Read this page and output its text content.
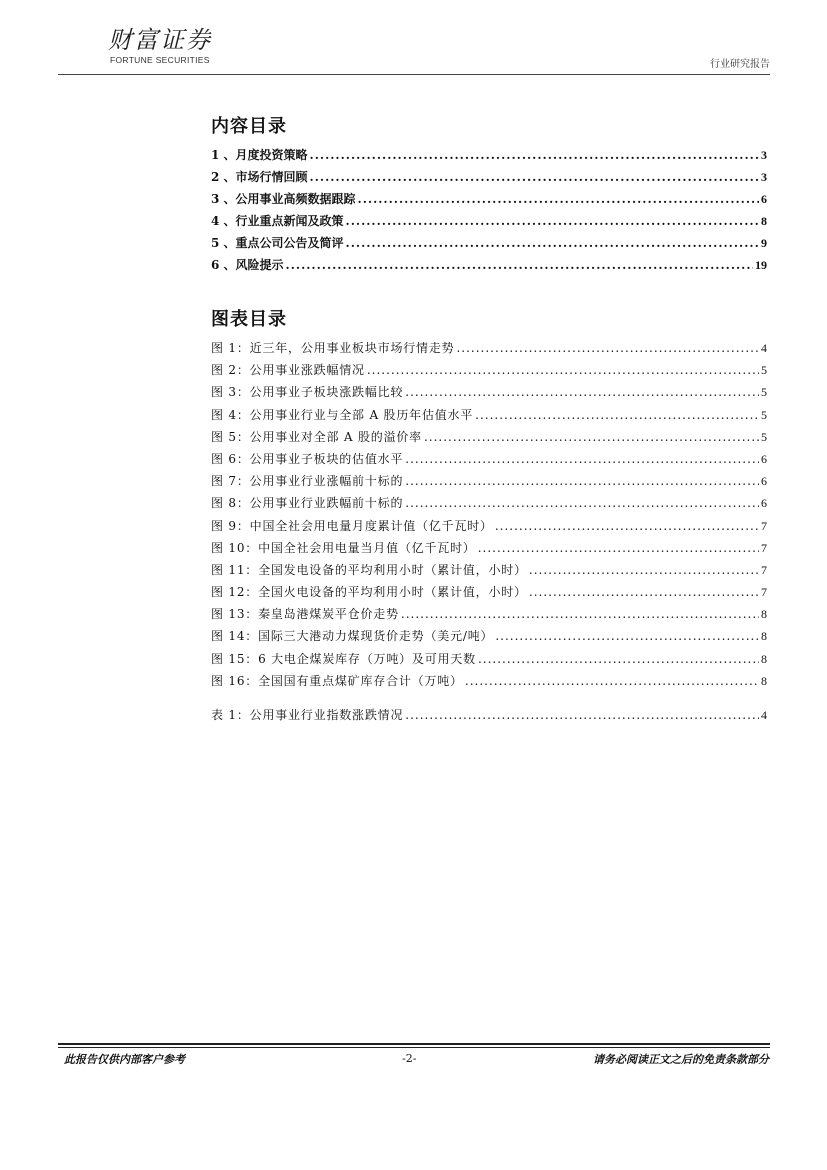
财富证券
FORTUNE SECURITIES	行业研究报告
内容目录
1 、月度投资策略 .....	3
2 、市场行情回顾 .....	3
3 、公用事业高频数据跟踪 .....	6
4 、行业重点新闻及政策 .....	8
5 、重点公司公告及简评 .....	9
6 、风险提示 .....	19
图表目录
图 1：近三年，公用事业板块市场行情走势 .....	4
图 2：公用事业涨跌幅情况 .....	5
图 3：公用事业子板块涨跌幅比较 .....	5
图 4：公用事业行业与全部 A 股历年估值水平 .....	5
图 5：公用事业对全部 A 股的溢价率 .....	5
图 6：公用事业子板块的估值水平 .....	6
图 7：公用事业行业涨幅前十标的 .....	6
图 8：公用事业行业跌幅前十标的 .....	6
图 9：中国全社会用电量月度累计值（亿千瓦时） .....	7
图 10：中国全社会用电量当月值（亿千瓦时） .....	7
图 11：全国发电设备的平均利用小时（累计值，小时） .....	7
图 12：全国火电设备的平均利用小时（累计值，小时） .....	7
图 13：秦皇岛港煤炭平仓价走势 .....	8
图 14：国际三大港动力煤现货价走势（美元/吨） .....	8
图 15：6 大电企煤炭库存（万吨）及可用天数 .....	8
图 16：全国国有重点煤矿库存合计（万吨） .....	8
表 1：公用事业行业指数涨跌情况 .....	4
此报告仅供内部客户参考	-2-	请务必阅读正文之后的免责条款部分
